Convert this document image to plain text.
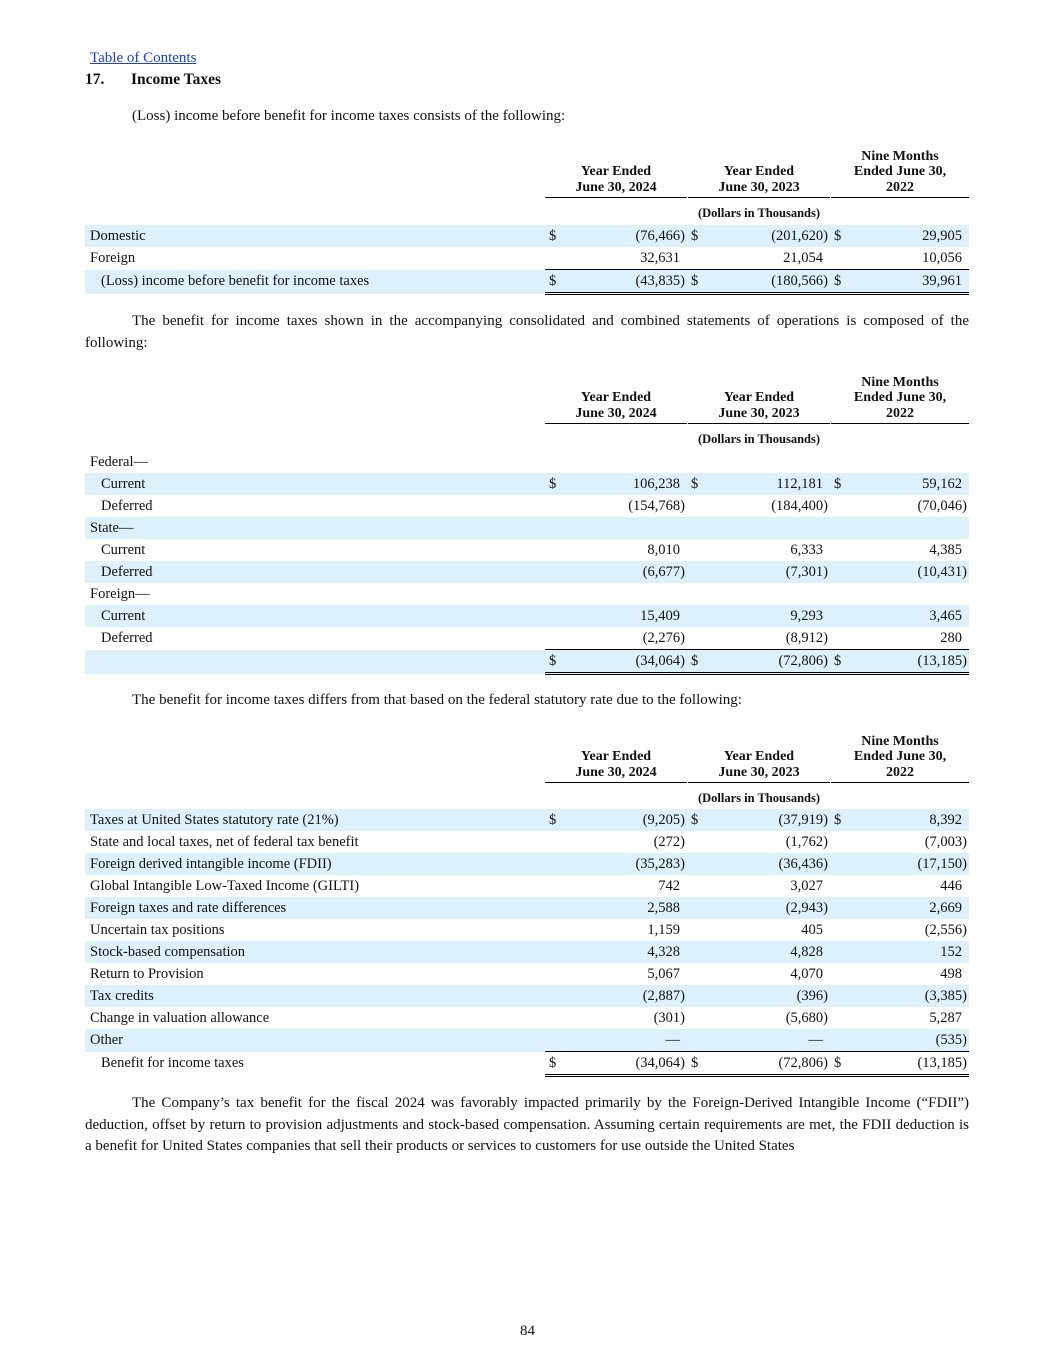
Table of Contents
17. Income Taxes
(Loss) income before benefit for income taxes consists of the following:
Year Ended
June 30, 2024
Year Ended
June 30, 2023
Nine Months
Ended June 30,
2022
(Dollars in Thousands)
Domestic	$	(76,466)	$	(201,620)	$	29,905
Foreign		32,631		21,054		10,056
(Loss) income before benefit for income taxes	$	(43,835)	$	(180,566)	$	39,961
The benefit for income taxes shown in the accompanying consolidated and combined statements of operations is composed of the following:
Year Ended
June 30, 2024
Year Ended
June 30, 2023
Nine Months
Ended June 30,
2022
(Dollars in Thousands)
Federal—						
Current	$	106,238	$	112,181	$	59,162
Deferred		(154,768)		(184,400)		(70,046)
State—						
Current		8,010		6,333		4,385
Deferred		(6,677)		(7,301)		(10,431)
Foreign—						
Current		15,409		9,293		3,465
Deferred		(2,276)		(8,912)		280
	$	(34,064)	$	(72,806)	$	(13,185)
The benefit for income taxes differs from that based on the federal statutory rate due to the following:
Year Ended
June 30, 2024
Year Ended
June 30, 2023
Nine Months
Ended June 30,
2022
(Dollars in Thousands)
Taxes at United States statutory rate (21%)	$	(9,205)	$	(37,919)	$	8,392
State and local taxes, net of federal tax benefit		(272)		(1,762)		(7,003)
Foreign derived intangible income (FDII)		(35,283)		(36,436)		(17,150)
Global Intangible Low-Taxed Income (GILTI)		742		3,027		446
Foreign taxes and rate differences		2,588		(2,943)		2,669
Uncertain tax positions		1,159		405		(2,556)
Stock-based compensation		4,328		4,828		152
Return to Provision		5,067		4,070		498
Tax credits		(2,887)		(396)		(3,385)
Change in valuation allowance		(301)		(5,680)		5,287
Other		—		—		(535)
Benefit for income taxes	$	(34,064)	$	(72,806)	$	(13,185)
The Company’s tax benefit for the fiscal 2024 was favorably impacted primarily by the Foreign-Derived Intangible Income (“FDII”) deduction, offset by return to provision adjustments and stock-based compensation. Assuming certain requirements are met, the FDII deduction is a benefit for United States companies that sell their products or services to customers for use outside the United States
84
